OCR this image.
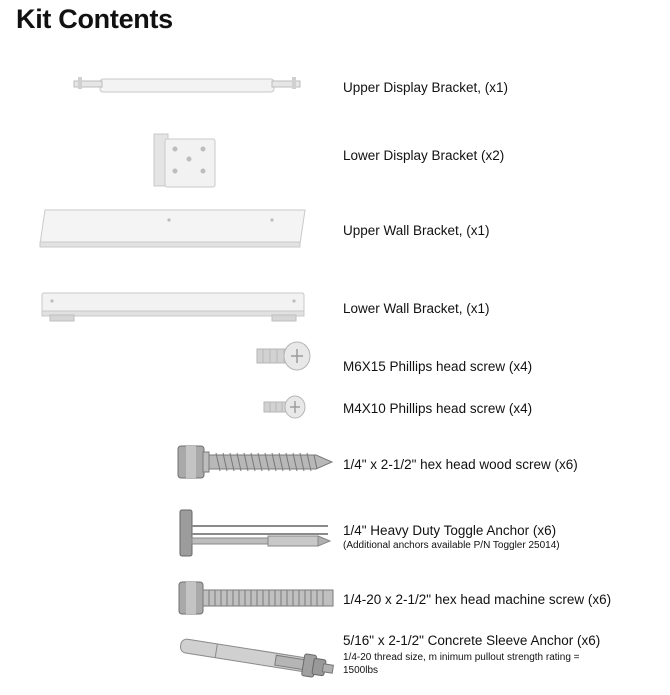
Kit Contents
Upper Display Bracket, (x1)
Lower Display Bracket (x2)
Upper Wall Bracket, (x1)
Lower Wall Bracket, (x1)
M6X15 Phillips head screw (x4)
M4X10 Phillips head screw (x4)
1/4" x 2-1/2" hex head wood screw (x6)
1/4" Heavy Duty Toggle Anchor (x6)
(Additional anchors available P/N Toggler 25014)
1/4-20 x 2-1/2" hex head machine screw (x6)
5/16" x 2-1/2" Concrete Sleeve Anchor (x6)
1/4-20 thread size, m inimum pullout strength rating =
1500lbs
